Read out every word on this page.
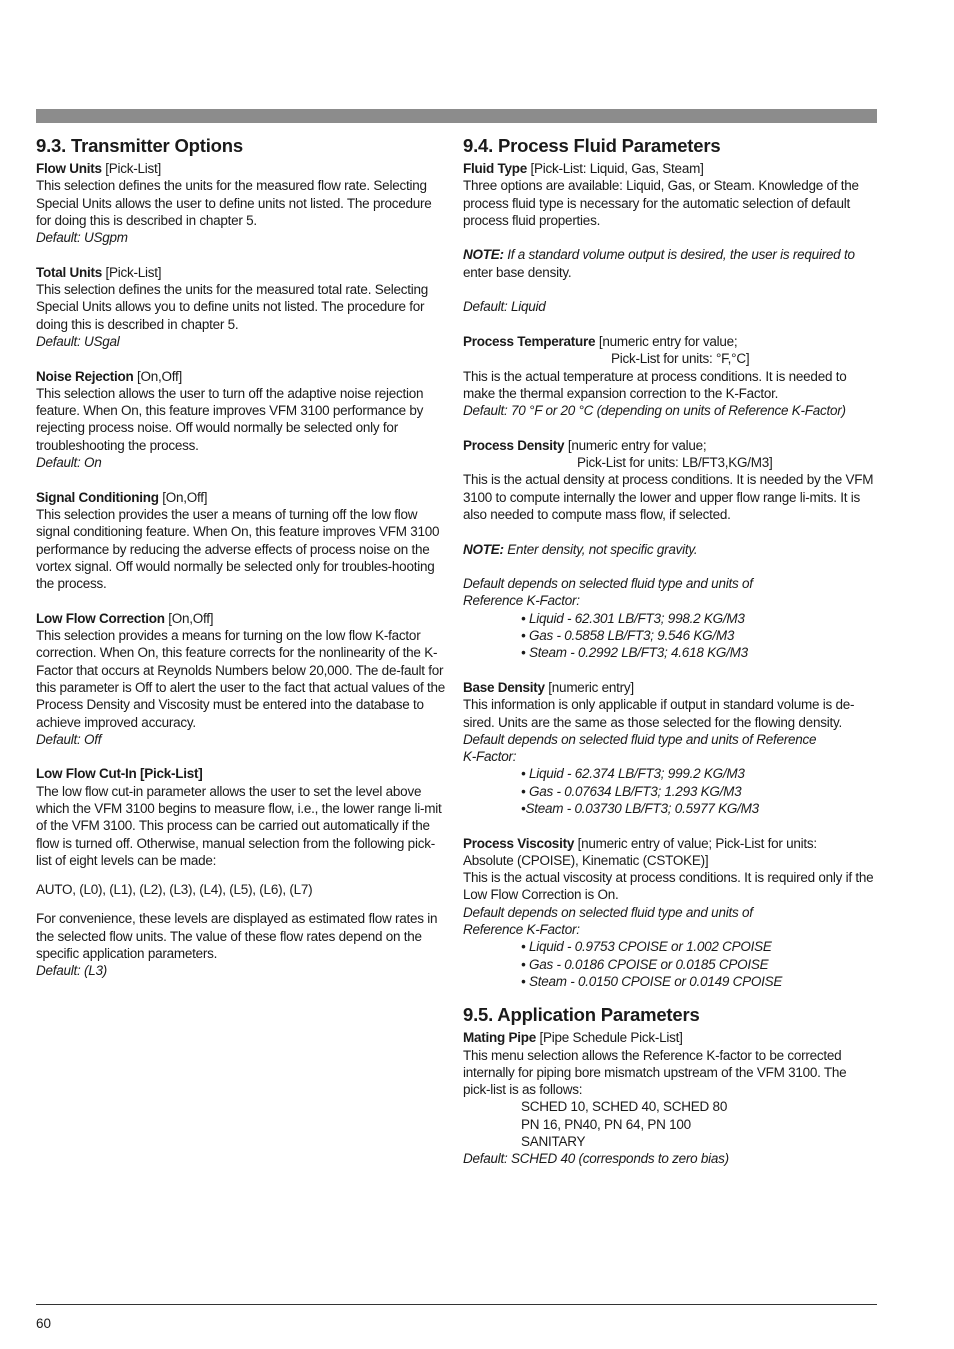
9.3. Transmitter Options
Flow Units [Pick-List]

This selection defines the units for the measured flow rate. Selecting Special Units allows the user to define units not listed. The procedure for doing this is described in chapter 5.

Default: USgpm

Total Units [Pick-List]

This selection defines the units for the measured total rate. Selecting Special Units allows you to define units not listed. The procedure for doing this is described in chapter 5.

Default: USgal

Noise Rejection [On,Off]

This selection allows the user to turn off the adaptive noise rejection feature. When On, this feature improves VFM 3100 performance by rejecting process noise. Off would normally be selected only for troubleshooting the process.

Default: On

Signal Conditioning [On,Off]

This selection provides the user a means of turning off the low flow signal conditioning feature. When On, this feature improves VFM 3100 performance by reducing the adverse effects of process noise on the vortex signal. Off would normally be selected only for troubles-hooting the process.

Low Flow Correction [On,Off]

This selection provides a means for turning on the low flow K-factor correction. When On, this feature corrects for the nonlinearity of the K-Factor that occurs at Reynolds Numbers below 20,000. The de-fault for this parameter is Off to alert the user to the fact that actual values of the Process Density and Viscosity must be entered into the database to achieve improved accuracy.

Default: Off

Low Flow Cut-In [Pick-List]

The low flow cut-in parameter allows the user to set the level above which the VFM 3100 begins to measure flow, i.e., the lower range li-mit of the VFM 3100. This process can be carried out automatically if the flow is turned off. Otherwise, manual selection from the following pick-list of eight levels can be made:

AUTO, (L0), (L1), (L2), (L3), (L4), (L5), (L6), (L7)

For convenience, these levels are displayed as estimated flow rates in the selected flow units. The value of these flow rates depend on the specific application parameters.

Default: (L3)

9.4. Process Fluid Parameters
Fluid Type [Pick-List: Liquid, Gas, Steam]

Three options are available: Liquid, Gas, or Steam. Knowledge of the process fluid type is necessary for the automatic selection of default process fluid properties.

NOTE: If a standard volume output is desired, the user is required to

enter base density.

Default: Liquid

Process Temperature [numeric entry for value;

Pick-List for units: °F,°C]

This is the actual temperature at process conditions. It is needed to make the thermal expansion correction to the K-Factor.

Default: 70 °F or 20 °C (depending on units of Reference K-Factor)

Process Density [numeric entry for value;

Pick-List for units: LB/FT3,KG/M3]

This is the actual density at process conditions. It is needed by the VFM 3100 to compute internally the lower and upper flow range li-mits. It is also needed to compute mass flow, if selected.

NOTE: Enter density, not specific gravity.

Default depends on selected fluid type and units of

Reference K-Factor:

• Liquid - 62.301 LB/FT3; 998.2 KG/M3

• Gas - 0.5858 LB/FT3; 9.546 KG/M3

• Steam - 0.2992 LB/FT3; 4.618 KG/M3

Base Density [numeric entry]

This information is only applicable if output in standard volume is de-sired. Units are the same as those selected for the flowing density.

Default depends on selected fluid type and units of Reference

K-Factor:

• Liquid - 62.374 LB/FT3; 999.2 KG/M3

• Gas - 0.07634 LB/FT3; 1.293 KG/M3

•Steam - 0.03730 LB/FT3; 0.5977 KG/M3

Process Viscosity [numeric entry of value; Pick-List for units:

Absolute (CPOISE), Kinematic (CSTOKE)]

This is the actual viscosity at process conditions. It is required only if the Low Flow Correction is On.

Default depends on selected fluid type and units of

Reference K-Factor:

• Liquid - 0.9753 CPOISE or 1.002 CPOISE

• Gas - 0.0186 CPOISE or 0.0185 CPOISE

• Steam - 0.0150 CPOISE or 0.0149 CPOISE

9.5. Application Parameters
Mating Pipe [Pipe Schedule Pick-List]

This menu selection allows the Reference K-factor to be corrected internally for piping bore mismatch upstream of the VFM 3100. The pick-list is as follows:

SCHED 10, SCHED 40, SCHED 80

PN 16, PN40, PN 64, PN 100

SANITARY

Default: SCHED 40 (corresponds to zero bias)

60
